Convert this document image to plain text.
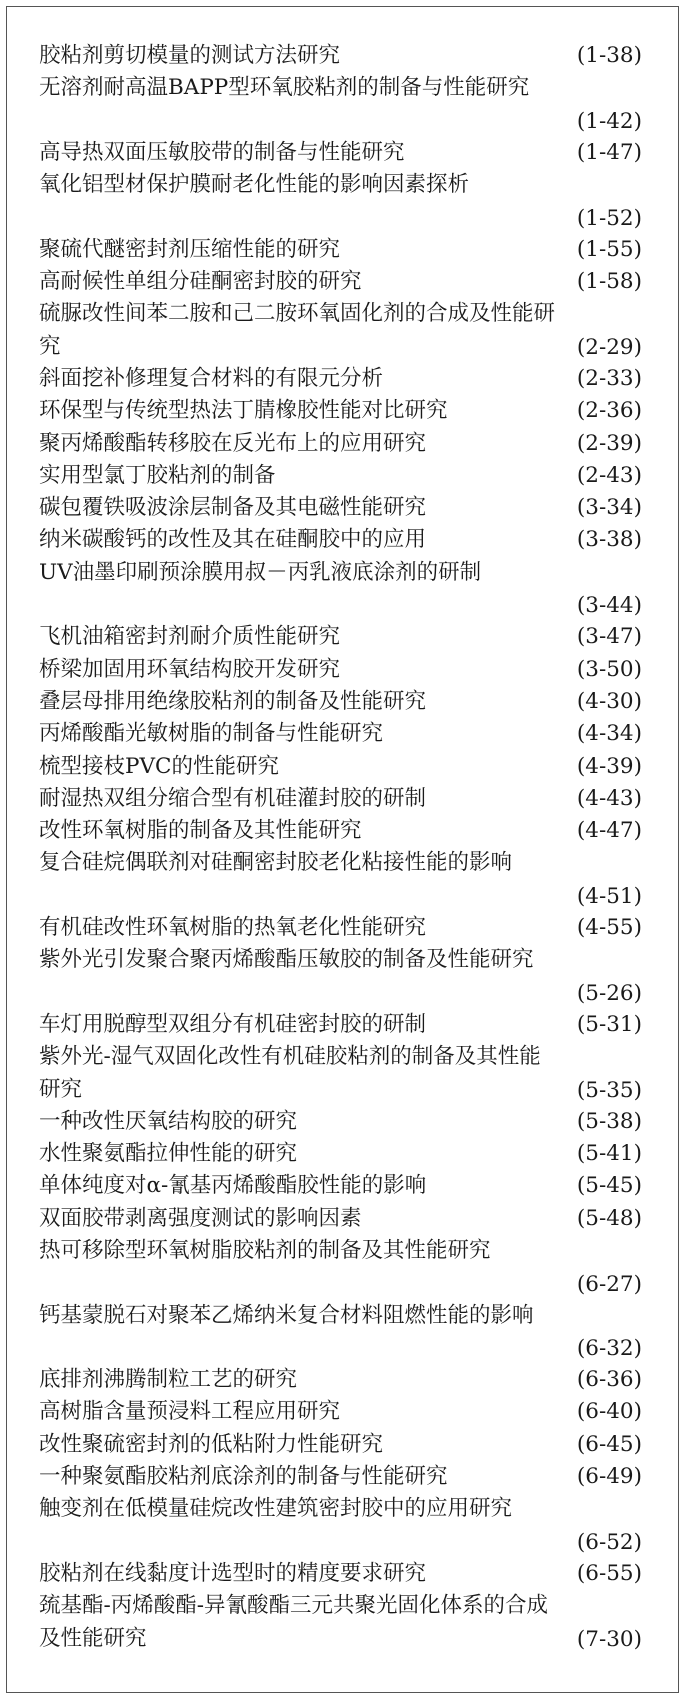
胶粘剂剪切模量的测试方法研究	(1-38)
无溶剂耐高温BAPP型环氧胶粘剂的制备与性能研究
(1-42)
高导热双面压敏胶带的制备与性能研究	(1-47)
氧化铝型材保护膜耐老化性能的影响因素探析
(1-52)
聚硫代醚密封剂压缩性能的研究	(1-55)
高耐候性单组分硅酮密封胶的研究	(1-58)
硫脲改性间苯二胺和己二胺环氧固化剂的合成及性能研
究	(2-29)
斜面挖补修理复合材料的有限元分析	(2-33)
环保型与传统型热法丁腈橡胶性能对比研究	(2-36)
聚丙烯酸酯转移胶在反光布上的应用研究	(2-39)
实用型氯丁胶粘剂的制备	(2-43)
碳包覆铁吸波涂层制备及其电磁性能研究	(3-34)
纳米碳酸钙的改性及其在硅酮胶中的应用	(3-38)
UV油墨印刷预涂膜用叔－丙乳液底涂剂的研制
(3-44)
飞机油箱密封剂耐介质性能研究	(3-47)
桥梁加固用环氧结构胶开发研究	(3-50)
叠层母排用绝缘胶粘剂的制备及性能研究	(4-30)
丙烯酸酯光敏树脂的制备与性能研究	(4-34)
梳型接枝PVC的性能研究	(4-39)
耐湿热双组分缩合型有机硅灌封胶的研制	(4-43)
改性环氧树脂的制备及其性能研究	(4-47)
复合硅烷偶联剂对硅酮密封胶老化粘接性能的影响
(4-51)
有机硅改性环氧树脂的热氧老化性能研究	(4-55)
紫外光引发聚合聚丙烯酸酯压敏胶的制备及性能研究
(5-26)
车灯用脱醇型双组分有机硅密封胶的研制	(5-31)
紫外光-湿气双固化改性有机硅胶粘剂的制备及其性能
研究	(5-35)
一种改性厌氧结构胶的研究	(5-38)
水性聚氨酯拉伸性能的研究	(5-41)
单体纯度对α-氰基丙烯酸酯胶性能的影响	(5-45)
双面胶带剥离强度测试的影响因素	(5-48)
热可移除型环氧树脂胶粘剂的制备及其性能研究
(6-27)
钙基蒙脱石对聚苯乙烯纳米复合材料阻燃性能的影响
(6-32)
底排剂沸腾制粒工艺的研究	(6-36)
高树脂含量预浸料工程应用研究	(6-40)
改性聚硫密封剂的低粘附力性能研究	(6-45)
一种聚氨酯胶粘剂底涂剂的制备与性能研究	(6-49)
触变剂在低模量硅烷改性建筑密封胶中的应用研究
(6-52)
胶粘剂在线黏度计选型时的精度要求研究	(6-55)
巯基酯-丙烯酸酯-异氰酸酯三元共聚光固化体系的合成
及性能研究	(7-30)
